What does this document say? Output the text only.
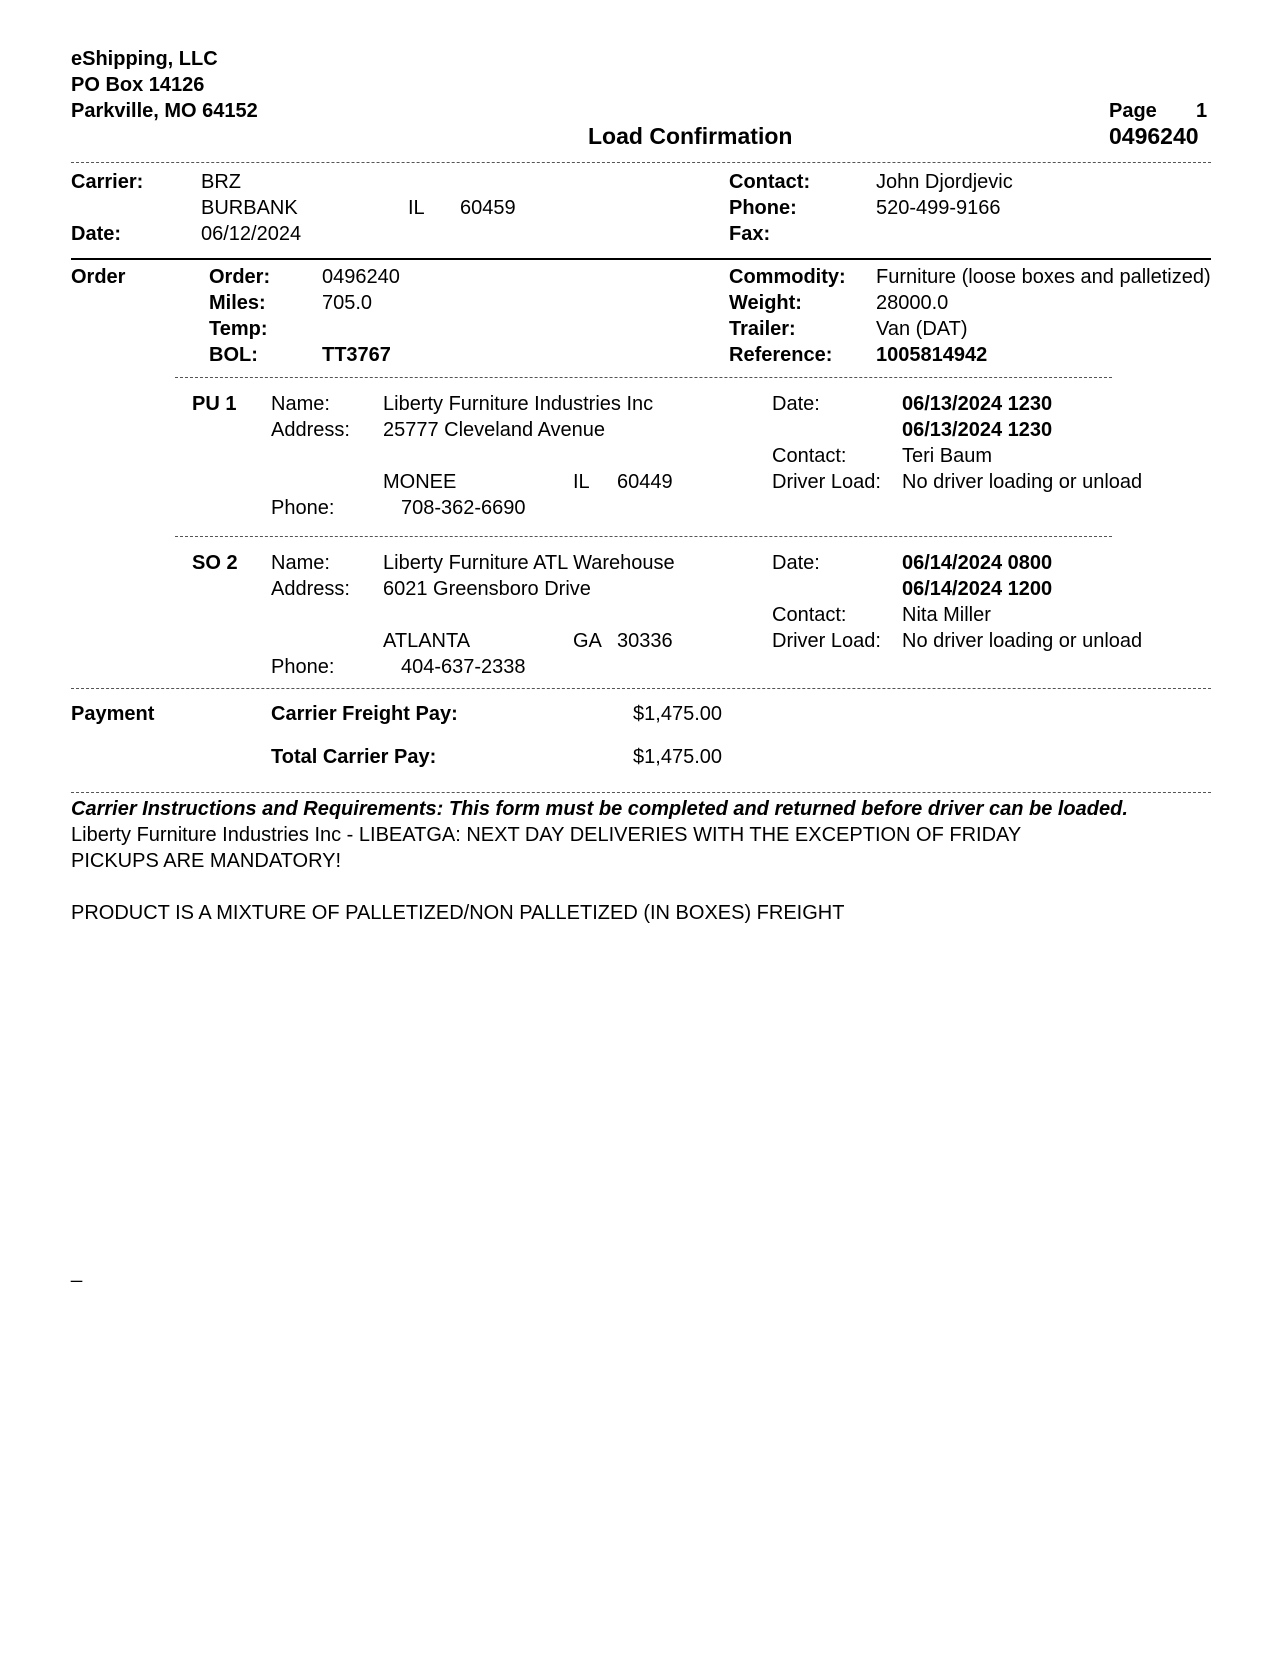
eShipping, LLC
PO Box 14126
Parkville, MO 64152	Page 1
Load Confirmation	0496240
Carrier:	BRZ
BURBANK	IL 60459
Date:	06/12/2024
Contact:	John Djordjevic
Phone:	520-499-9166
Fax:
Order	Order:	0496240
Miles:	705.0
Temp:
BOL:	TT3767
Commodity: Furniture (loose boxes and palletized)
Weight:	28000.0
Trailer:	Van (DAT)
Reference: 1005814942
PU 1 Name:	Liberty Furniture Industries Inc
Address: 25777 Cleveland Avenue
MONEE	IL 60449
Phone:	708-362-6690
Date:	06/13/2024 1230
06/13/2024 1230
Contact:	Teri Baum
Driver Load: No driver loading or unload
SO 2 Name:	Liberty Furniture ATL Warehouse
Address: 6021 Greensboro Drive
ATLANTA	GA 30336
Phone:	404-637-2338
Date:	06/14/2024 0800
06/14/2024 1200
Contact:	Nita Miller
Driver Load: No driver loading or unload
Payment	Carrier Freight Pay:	$1,475.00
Total Carrier Pay:	$1,475.00
Carrier Instructions and Requirements: This form must be completed and returned before driver can be loaded.
Liberty Furniture Industries Inc - LIBEATGA: NEXT DAY DELIVERIES WITH THE EXCEPTION OF FRIDAY
PICKUPS ARE MANDATORY!
PRODUCT IS A MIXTURE OF PALLETIZED/NON PALLETIZED (IN BOXES) FREIGHT
_
